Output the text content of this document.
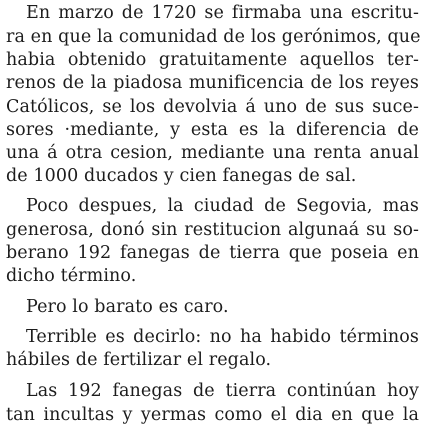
En marzo de 1720 se firmaba una escritu-
ra en que la comunidad de los gerónimos, que
habia obtenido gratuitamente aquellos ter-
renos de la piadosa munificencia de los reyes
Católicos, se los devolvia á uno de sus suce-
sores ·mediante, y esta es la diferencia de
una á otra cesion, mediante una renta anual
de 1000 ducados y cien fanegas de sal.
Poco despues, la ciudad de Segovia, mas
generosa, donó sin restitucion algunaá su so-
berano 192 fanegas de tierra que poseia en
dicho término.
Pero lo barato es caro.
Terrible es decirlo: no ha habido términos
hábiles de fertilizar el regalo.
Las 192 fanegas de tierra continúan hoy
tan incultas y yermas como el dia en que la
